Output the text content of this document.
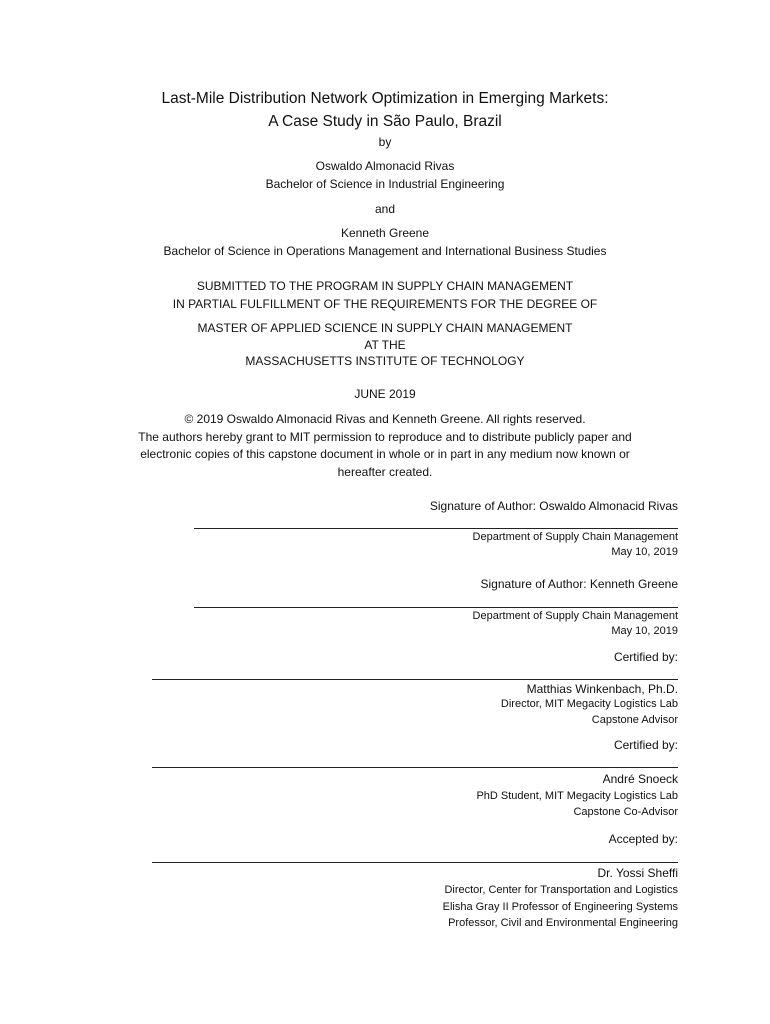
Last-Mile Distribution Network Optimization in Emerging Markets:
A Case Study in São Paulo, Brazil
by
Oswaldo Almonacid Rivas
Bachelor of Science in Industrial Engineering
and
Kenneth Greene
Bachelor of Science in Operations Management and International Business Studies
SUBMITTED TO THE PROGRAM IN SUPPLY CHAIN MANAGEMENT
IN PARTIAL FULFILLMENT OF THE REQUIREMENTS FOR THE DEGREE OF
MASTER OF APPLIED SCIENCE IN SUPPLY CHAIN MANAGEMENT
AT THE
MASSACHUSETTS INSTITUTE OF TECHNOLOGY
JUNE 2019
© 2019 Oswaldo Almonacid Rivas and Kenneth Greene. All rights reserved.
The authors hereby grant to MIT permission to reproduce and to distribute publicly paper and
electronic copies of this capstone document in whole or in part in any medium now known or
hereafter created.
Signature of Author: Oswaldo Almonacid Rivas
Department of Supply Chain Management
May 10, 2019
Signature of Author: Kenneth Greene
Department of Supply Chain Management
May 10, 2019
Certified by:
Matthias Winkenbach, Ph.D.
Director, MIT Megacity Logistics Lab
Capstone Advisor
Certified by:
André Snoeck
PhD Student, MIT Megacity Logistics Lab
Capstone Co-Advisor
Accepted by:
Dr. Yossi Sheffi
Director, Center for Transportation and Logistics
Elisha Gray II Professor of Engineering Systems
Professor, Civil and Environmental Engineering
